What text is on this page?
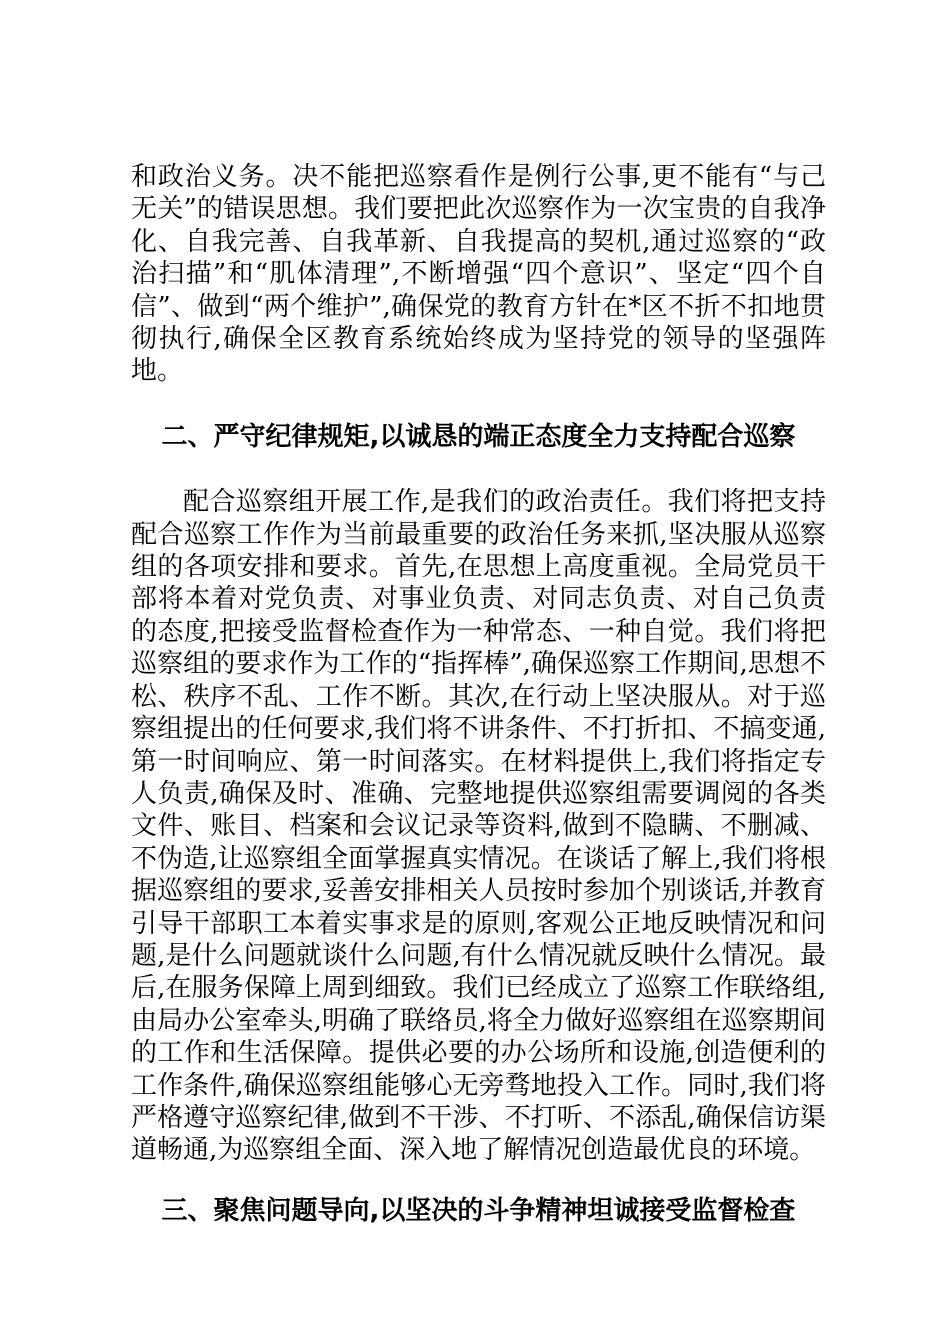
和政治义务。决不能把巡察看作是例行公事,更不能有“与己无关”的错误思想。我们要把此次巡察作为一次宝贵的自我净化、自我完善、自我革新、自我提高的契机,通过巡察的“政治扫描”和“肌体清理”,不断增强“四个意识”、坚定“四个自信”、做到“两个维护”,确保党的教育方针在*区不折不扣地贯彻执行,确保全区教育系统始终成为坚持党的领导的坚强阵地。

二、严守纪律规矩,以诚恳的端正态度全力支持配合巡察

配合巡察组开展工作,是我们的政治责任。我们将把支持配合巡察工作作为当前最重要的政治任务来抓,坚决服从巡察组的各项安排和要求。首先,在思想上高度重视。全局党员干部将本着对党负责、对事业负责、对同志负责、对自己负责的态度,把接受监督检查作为一种常态、一种自觉。我们将把巡察组的要求作为工作的“指挥棒”,确保巡察工作期间,思想不松、秩序不乱、工作不断。其次,在行动上坚决服从。对于巡察组提出的任何要求,我们将不讲条件、不打折扣、不搞变通,第一时间响应、第一时间落实。在材料提供上,我们将指定专人负责,确保及时、准确、完整地提供巡察组需要调阅的各类文件、账目、档案和会议记录等资料,做到不隐瞒、不删减、不伪造,让巡察组全面掌握真实情况。在谈话了解上,我们将根据巡察组的要求,妥善安排相关人员按时参加个别谈话,并教育引导干部职工本着实事求是的原则,客观公正地反映情况和问题,是什么问题就谈什么问题,有什么情况就反映什么情况。最后,在服务保障上周到细致。我们已经成立了巡察工作联络组,由局办公室牵头,明确了联络员,将全力做好巡察组在巡察期间的工作和生活保障。提供必要的办公场所和设施,创造便利的工作条件,确保巡察组能够心无旁骛地投入工作。同时,我们将严格遵守巡察纪律,做到不干涉、不打听、不添乱,确保信访渠道畅通,为巡察组全面、深入地了解情况创造最优良的环境。

三、聚焦问题导向,以坚决的斗争精神坦诚接受监督检查
